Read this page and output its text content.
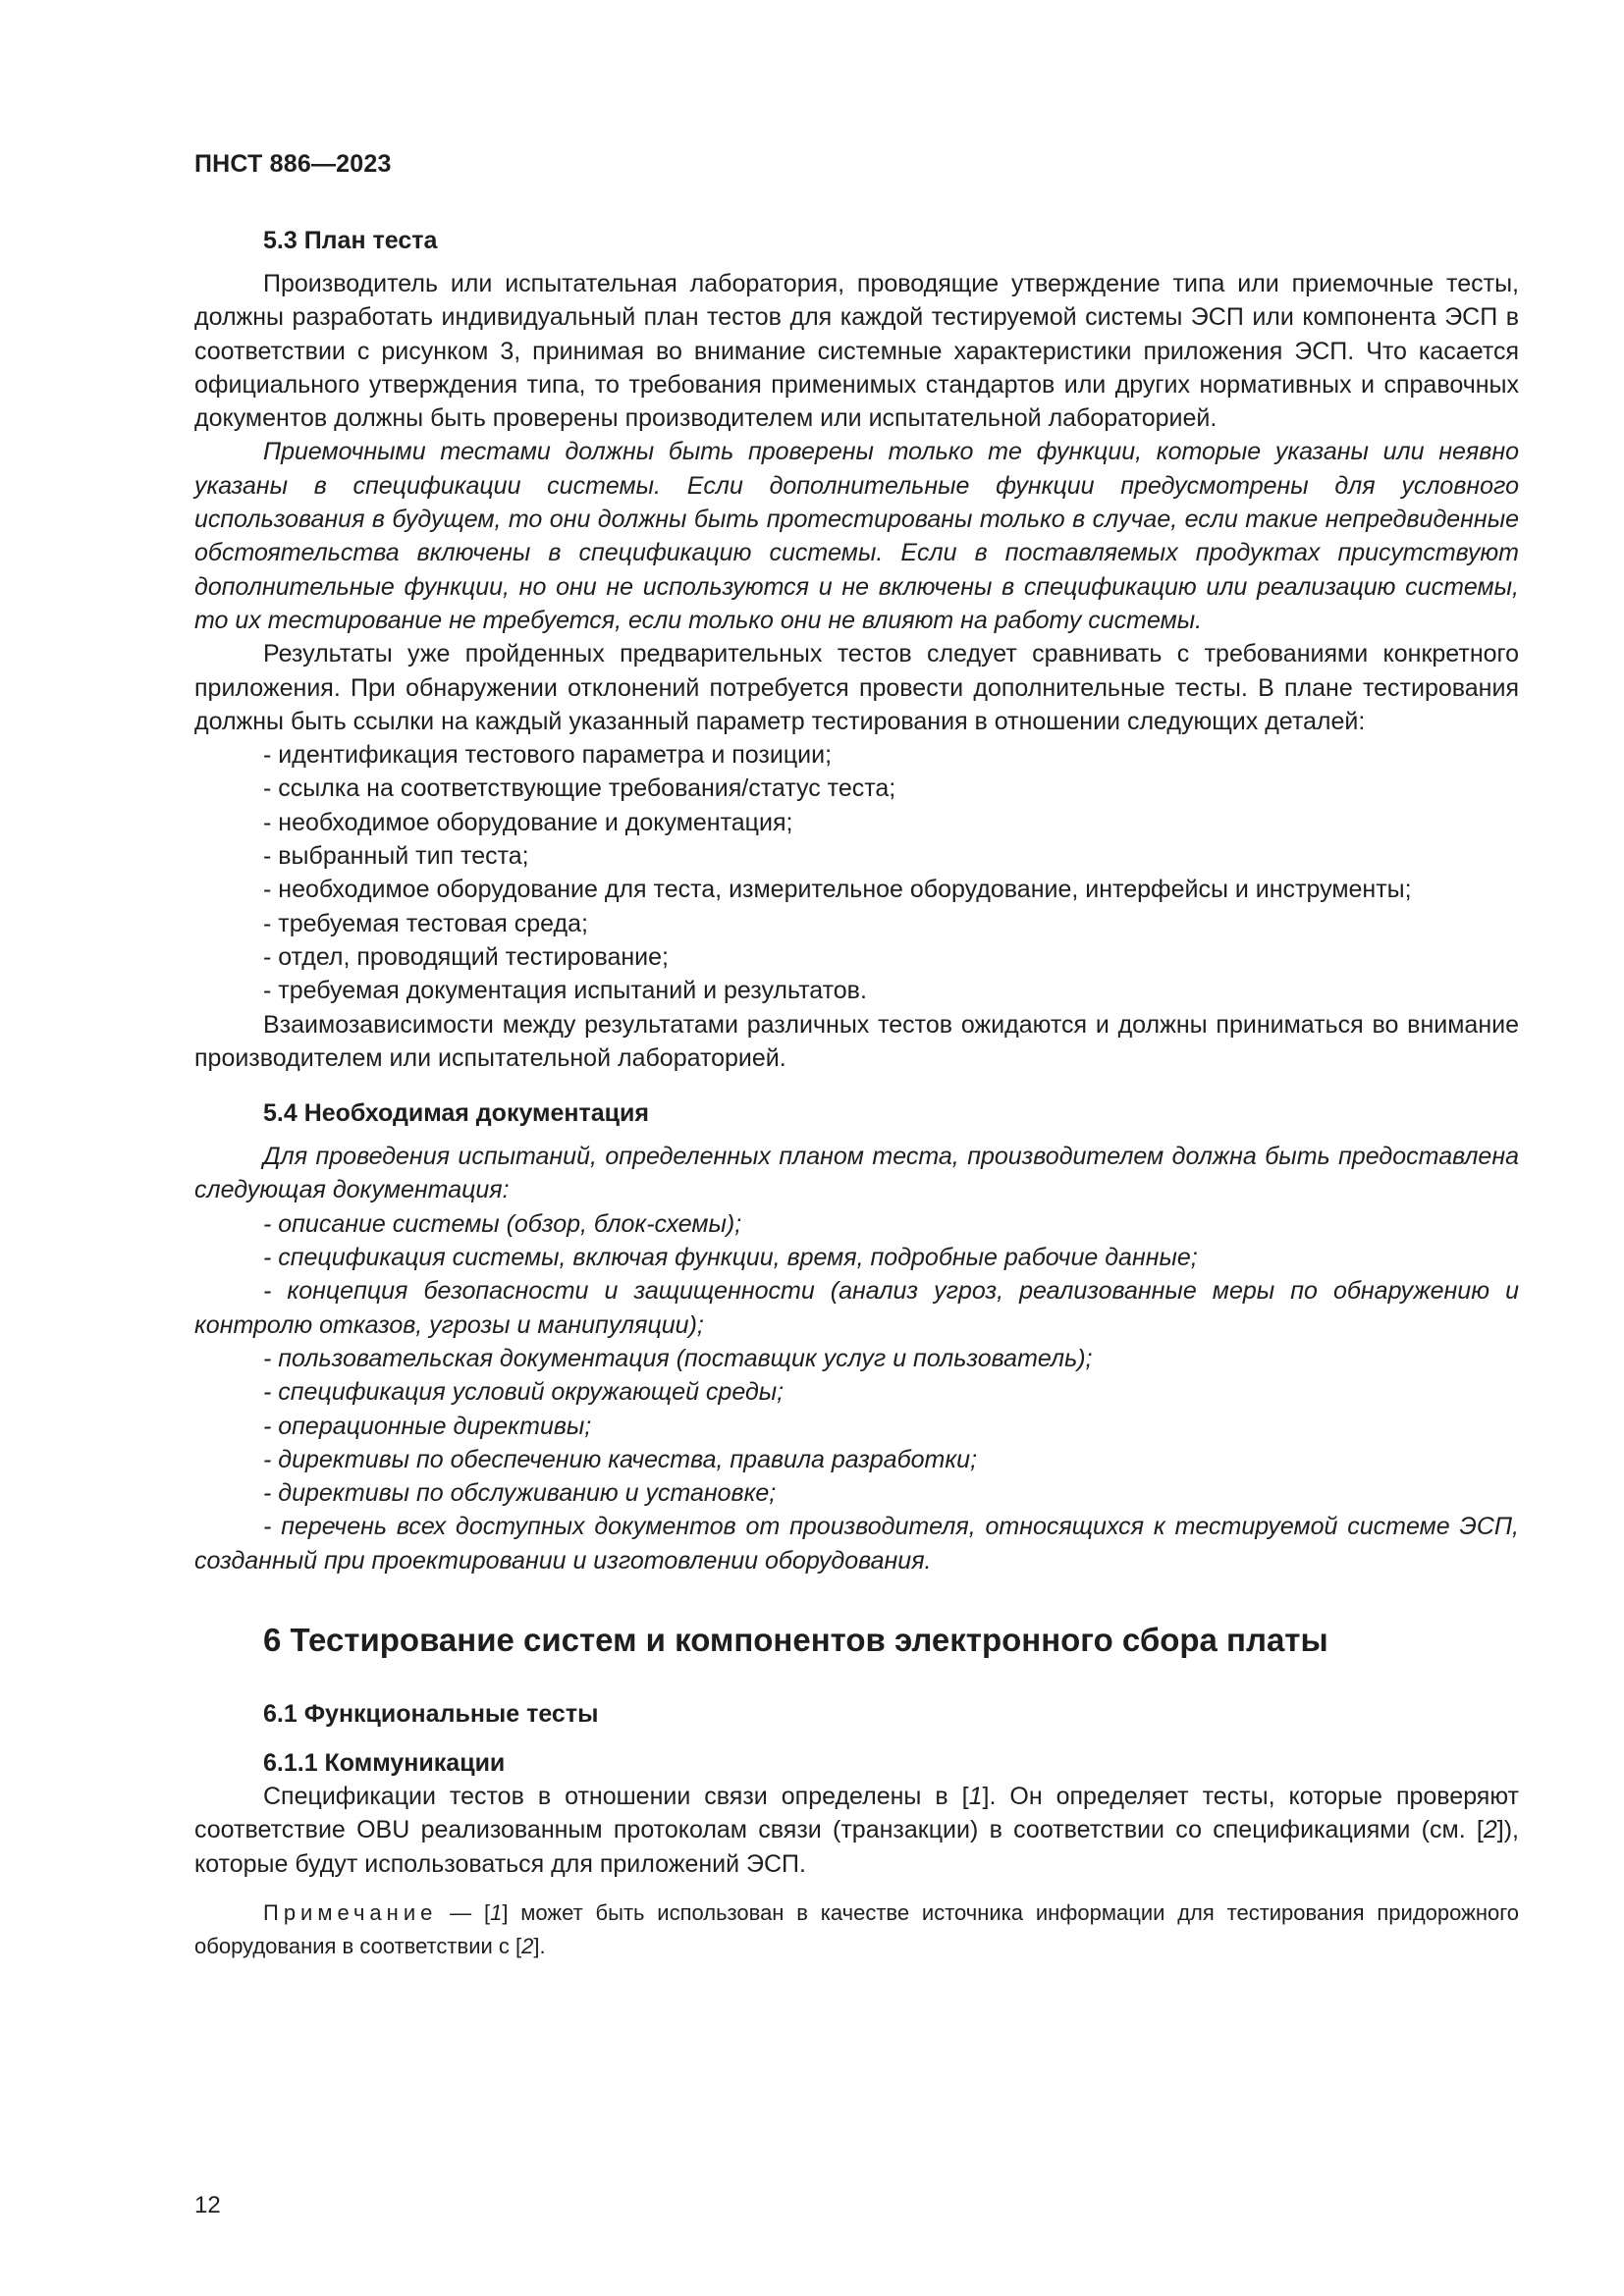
ПНСТ 886—2023
5.3 План теста

Производитель или испытательная лаборатория, проводящие утверждение типа или приемочные тесты, должны разработать индивидуальный план тестов для каждой тестируемой системы ЭСП или компонента ЭСП в соответствии с рисунком 3, принимая во внимание системные характеристики приложения ЭСП. Что касается официального утверждения типа, то требования применимых стандартов или других нормативных и справочных документов должны быть проверены производителем или испытательной лабораторией.

Приемочными тестами должны быть проверены только те функции, которые указаны или неявно указаны в спецификации системы. Если дополнительные функции предусмотрены для условного использования в будущем, то они должны быть протестированы только в случае, если такие непредвиденные обстоятельства включены в спецификацию системы. Если в поставляемых продуктах присутствуют дополнительные функции, но они не используются и не включены в спецификацию или реализацию системы, то их тестирование не требуется, если только они не влияют на работу системы.

Результаты уже пройденных предварительных тестов следует сравнивать с требованиями конкретного приложения. При обнаружении отклонений потребуется провести дополнительные тесты. В плане тестирования должны быть ссылки на каждый указанный параметр тестирования в отношении следующих деталей:

- идентификация тестового параметра и позиции;

- ссылка на соответствующие требования/статус теста;

- необходимое оборудование и документация;

- выбранный тип теста;

- необходимое оборудование для теста, измерительное оборудование, интерфейсы и инструменты;

- требуемая тестовая среда;

- отдел, проводящий тестирование;

- требуемая документация испытаний и результатов.

Взаимозависимости между результатами различных тестов ожидаются и должны приниматься во внимание производителем или испытательной лабораторией.

5.4 Необходимая документация

Для проведения испытаний, определенных планом теста, производителем должна быть предоставлена следующая документация:

- описание системы (обзор, блок-схемы);

- спецификация системы, включая функции, время, подробные рабочие данные;

- концепция безопасности и защищенности (анализ угроз, реализованные меры по обнаружению и контролю отказов, угрозы и манипуляции);

- пользовательская документация (поставщик услуг и пользователь);

- спецификация условий окружающей среды;

- операционные директивы;

- директивы по обеспечению качества, правила разработки;

- директивы по обслуживанию и установке;

- перечень всех доступных документов от производителя, относящихся к тестируемой системе ЭСП, созданный при проектировании и изготовлении оборудования.

6 Тестирование систем и компонентов электронного сбора платы
6.1 Функциональные тесты
6.1.1 Коммуникации

Спецификации тестов в отношении связи определены в [1]. Он определяет тесты, которые проверяют соответствие OBU реализованным протоколам связи (транзакции) в соответствии со спецификациями (см. [2]), которые будут использоваться для приложений ЭСП.

Примечание — [1] может быть использован в качестве источника информации для тестирования придорожного оборудования в соответствии с [2].

12
